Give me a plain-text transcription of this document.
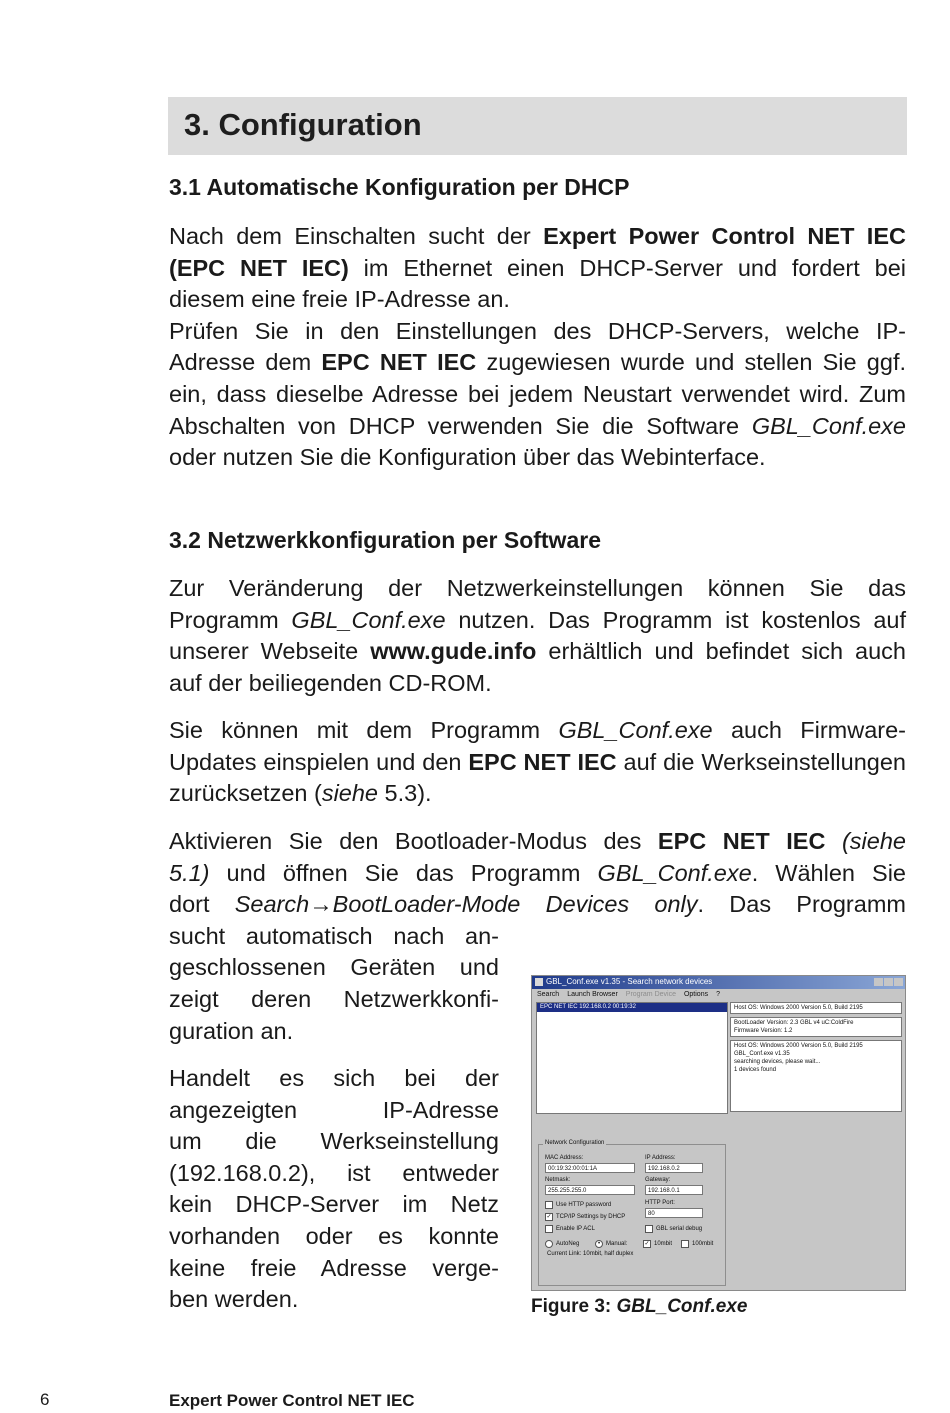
3. Configuration
3.1 Automatische Konfiguration per DHCP
Nach dem Einschalten sucht der Expert Power Control NET IEC (EPC NET IEC) im Ethernet einen DHCP-Server und fordert bei diesem eine freie IP-Adresse an.
Prüfen Sie in den Einstellungen des DHCP-Servers, welche IP-Adresse dem EPC NET IEC zugewiesen wurde und stellen Sie ggf. ein, dass dieselbe Adresse bei jedem Neustart verwendet wird. Zum Abschalten von DHCP verwenden Sie die Software GBL_Conf.exe oder nutzen Sie die Konfiguration über das Webinterface.
3.2 Netzwerkkonfiguration per Software
Zur Veränderung der Netzwerkeinstellungen können Sie das Programm GBL_Conf.exe nutzen. Das Programm ist kostenlos auf unserer Webseite www.gude.info erhältlich und befindet sich auch auf der beiliegenden CD-ROM.
Sie können mit dem Programm GBL_Conf.exe auch Firmware-Updates einspielen und den EPC NET IEC auf die Werkseinstellungen zurücksetzen (siehe 5.3).
Aktivieren Sie den Bootloader-Modus des EPC NET IEC (siehe
5.1) und öffnen Sie das Programm GBL_Conf.exe. Wählen Sie
dort Search→BootLoader-Mode Devices only. Das Programm
sucht automatisch nach an-
geschlossenen Geräten und
zeigt deren Netzwerkkonfi-
guration an.
Handelt es sich bei der
angezeigten IP-Adresse
um die Werkseinstellung
(192.168.0.2), ist entweder
kein DHCP-Server im Netz
vorhanden oder es konnte
keine freie Adresse verge-
ben werden.
GBL_Conf.exe v1.35 - Search network devices
Search Launch Browser Program Device Options ?
EPC NET IEC 192.168.0.2 00:19:32	Host OS: Windows 2000 Version 5.0, Build 2195
BootLoader Version: 2.3 GBL v4 uC:ColdFire
Firmware Version: 1.2
Host OS: Windows 2000 Version 5.0, Build 2195
GBL_Conf.exe v1.35
searching devices, please wait...
1 devices found
Network Configuration
MAC Address:
00:19:32:00:01:1A
IP Address:
192.168.0.2
Netmask:
255.255.255.0
Gateway:
192.168.0.1
Use HTTP password	HTTP Port:
✓ TCP/IP Settings by DHCP	80
Enable IP ACL	GBL serial debug
AutoNeg	• Manual:	✓ 10mbit	100mbit
Current Link: 10mbit, half duplex
Figure 3: GBL_Conf.exe
6	Expert Power Control NET IEC
